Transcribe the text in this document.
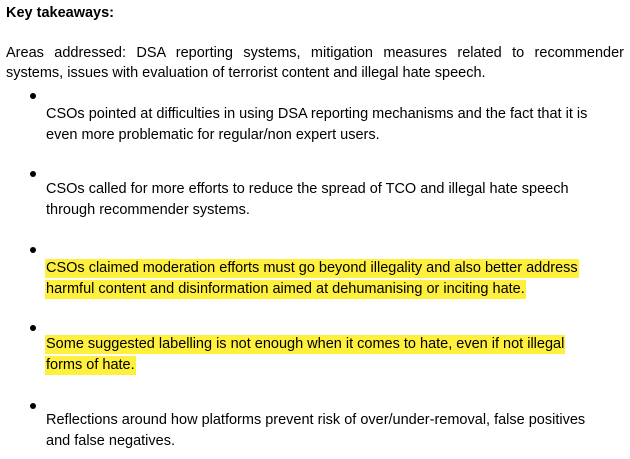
Key takeaways:
Areas addressed: DSA reporting systems, mitigation measures related to recommender
systems, issues with evaluation of terrorist content and illegal hate speech.
CSOs pointed at difficulties in using DSA reporting mechanisms and the fact that it is
even more problematic for regular/non expert users.
CSOs called for more efforts to reduce the spread of TCO and illegal hate speech
through recommender systems.
CSOs claimed moderation efforts must go beyond illegality and also better address
harmful content and disinformation aimed at dehumanising or inciting hate.
Some suggested labelling is not enough when it comes to hate, even if not illegal
forms of hate.
Reflections around how platforms prevent risk of over/under-removal, false positives
and false negatives.
